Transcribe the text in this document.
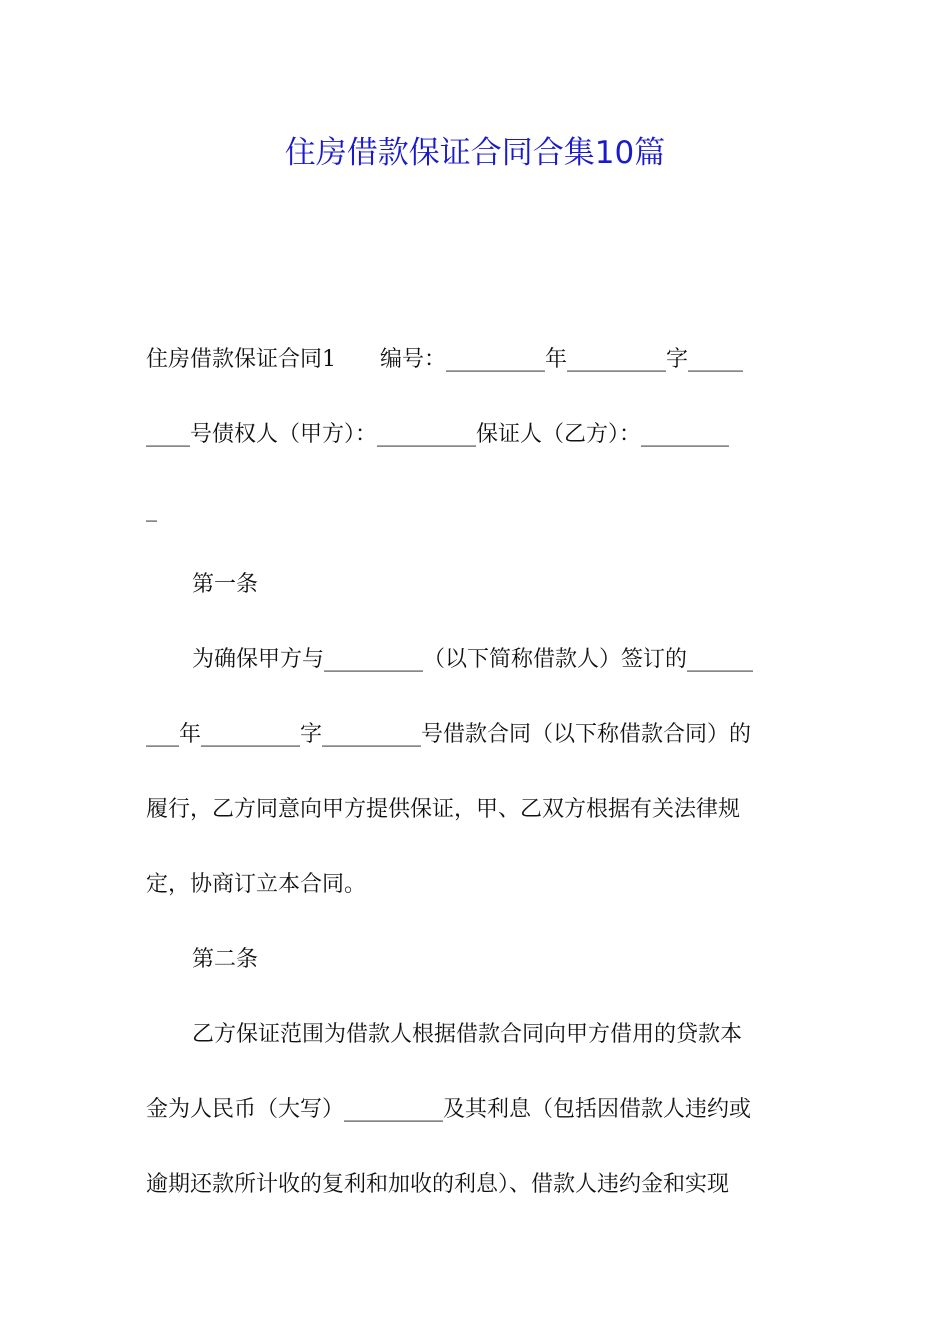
住房借款保证合同合集10篇
住房借款保证合同1　　编号：_________年_________字_____
____号债权人（甲方）：_________保证人（乙方）：________
_
第一条
为确保甲方与_________（以下简称借款人）签订的______
___年_________字_________号借款合同（以下称借款合同）的
履行，乙方同意向甲方提供保证，甲、乙双方根据有关法律规
定，协商订立本合同。
第二条
乙方保证范围为借款人根据借款合同向甲方借用的贷款本
金为人民币（大写）_________及其利息（包括因借款人违约或
逾期还款所计收的复利和加收的利息）、借款人违约金和实现
